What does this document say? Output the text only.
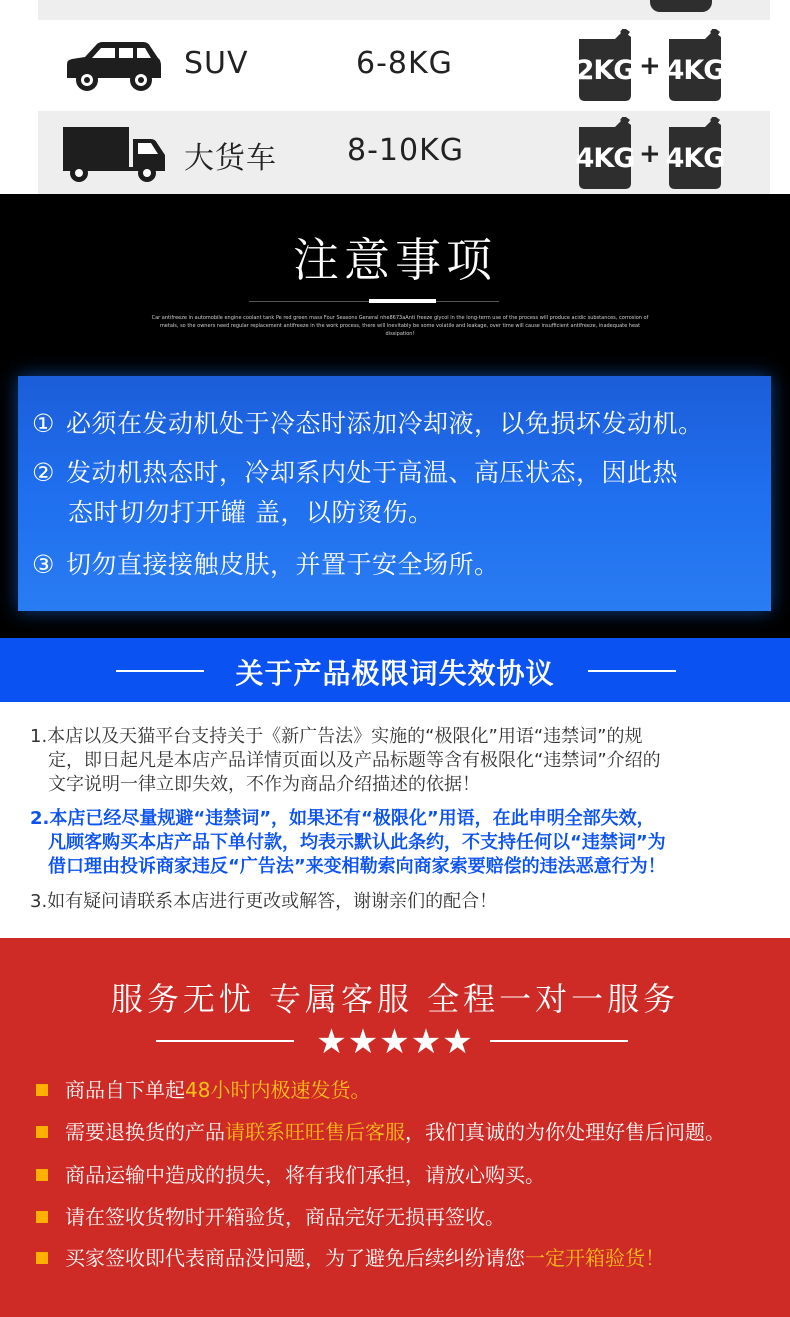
SUV	6-8KG	2KG + 4KG
大货车 8-10KG	4KG + 4KG
注意事项
Car antifreeze in automobile engine coolant tank Pe red green mass Four Seasons General nhe8673aAnti freeze glycol in the long-term use of the process will produce acidic substances, corrosion of metals, so the owners need regular replacement antifreeze in the work process, there will inevitably be some volatile and leakage, over time will cause insufficient antifreeze, inadequate heat dissipation!
① 必须在发动机处于冷态时添加冷却液，以免损坏发动机。
② 发动机热态时，冷却系内处于高温、高压状态，因此热
态时切勿打开罐 盖，以防烫伤。
③ 切勿直接接触皮肤，并置于安全场所。
关于产品极限词失效协议
1.本店以及天猫平台支持关于《新广告法》实施的“极限化”用语“违禁词”的规
定，即日起凡是本店产品详情页面以及产品标题等含有极限化“违禁词”介绍的
文字说明一律立即失效，不作为商品介绍描述的依据！
2.本店已经尽量规避“违禁词”，如果还有“极限化”用语，在此申明全部失效，
凡顾客购买本店产品下单付款，均表示默认此条约，不支持任何以“违禁词”为
借口理由投诉商家违反“广告法”来变相勒索向商家索要赔偿的违法恶意行为！
3.如有疑问请联系本店进行更改或解答，谢谢亲们的配合！
服务无忧 专属客服 全程一对一服务
★★★★★
商品自下单起48小时内极速发货。
需要退换货的产品请联系旺旺售后客服，我们真诚的为你处理好售后问题。
商品运输中造成的损失，将有我们承担，请放心购买。
请在签收货物时开箱验货，商品完好无损再签收。
买家签收即代表商品没问题，为了避免后续纠纷请您一定开箱验货！
